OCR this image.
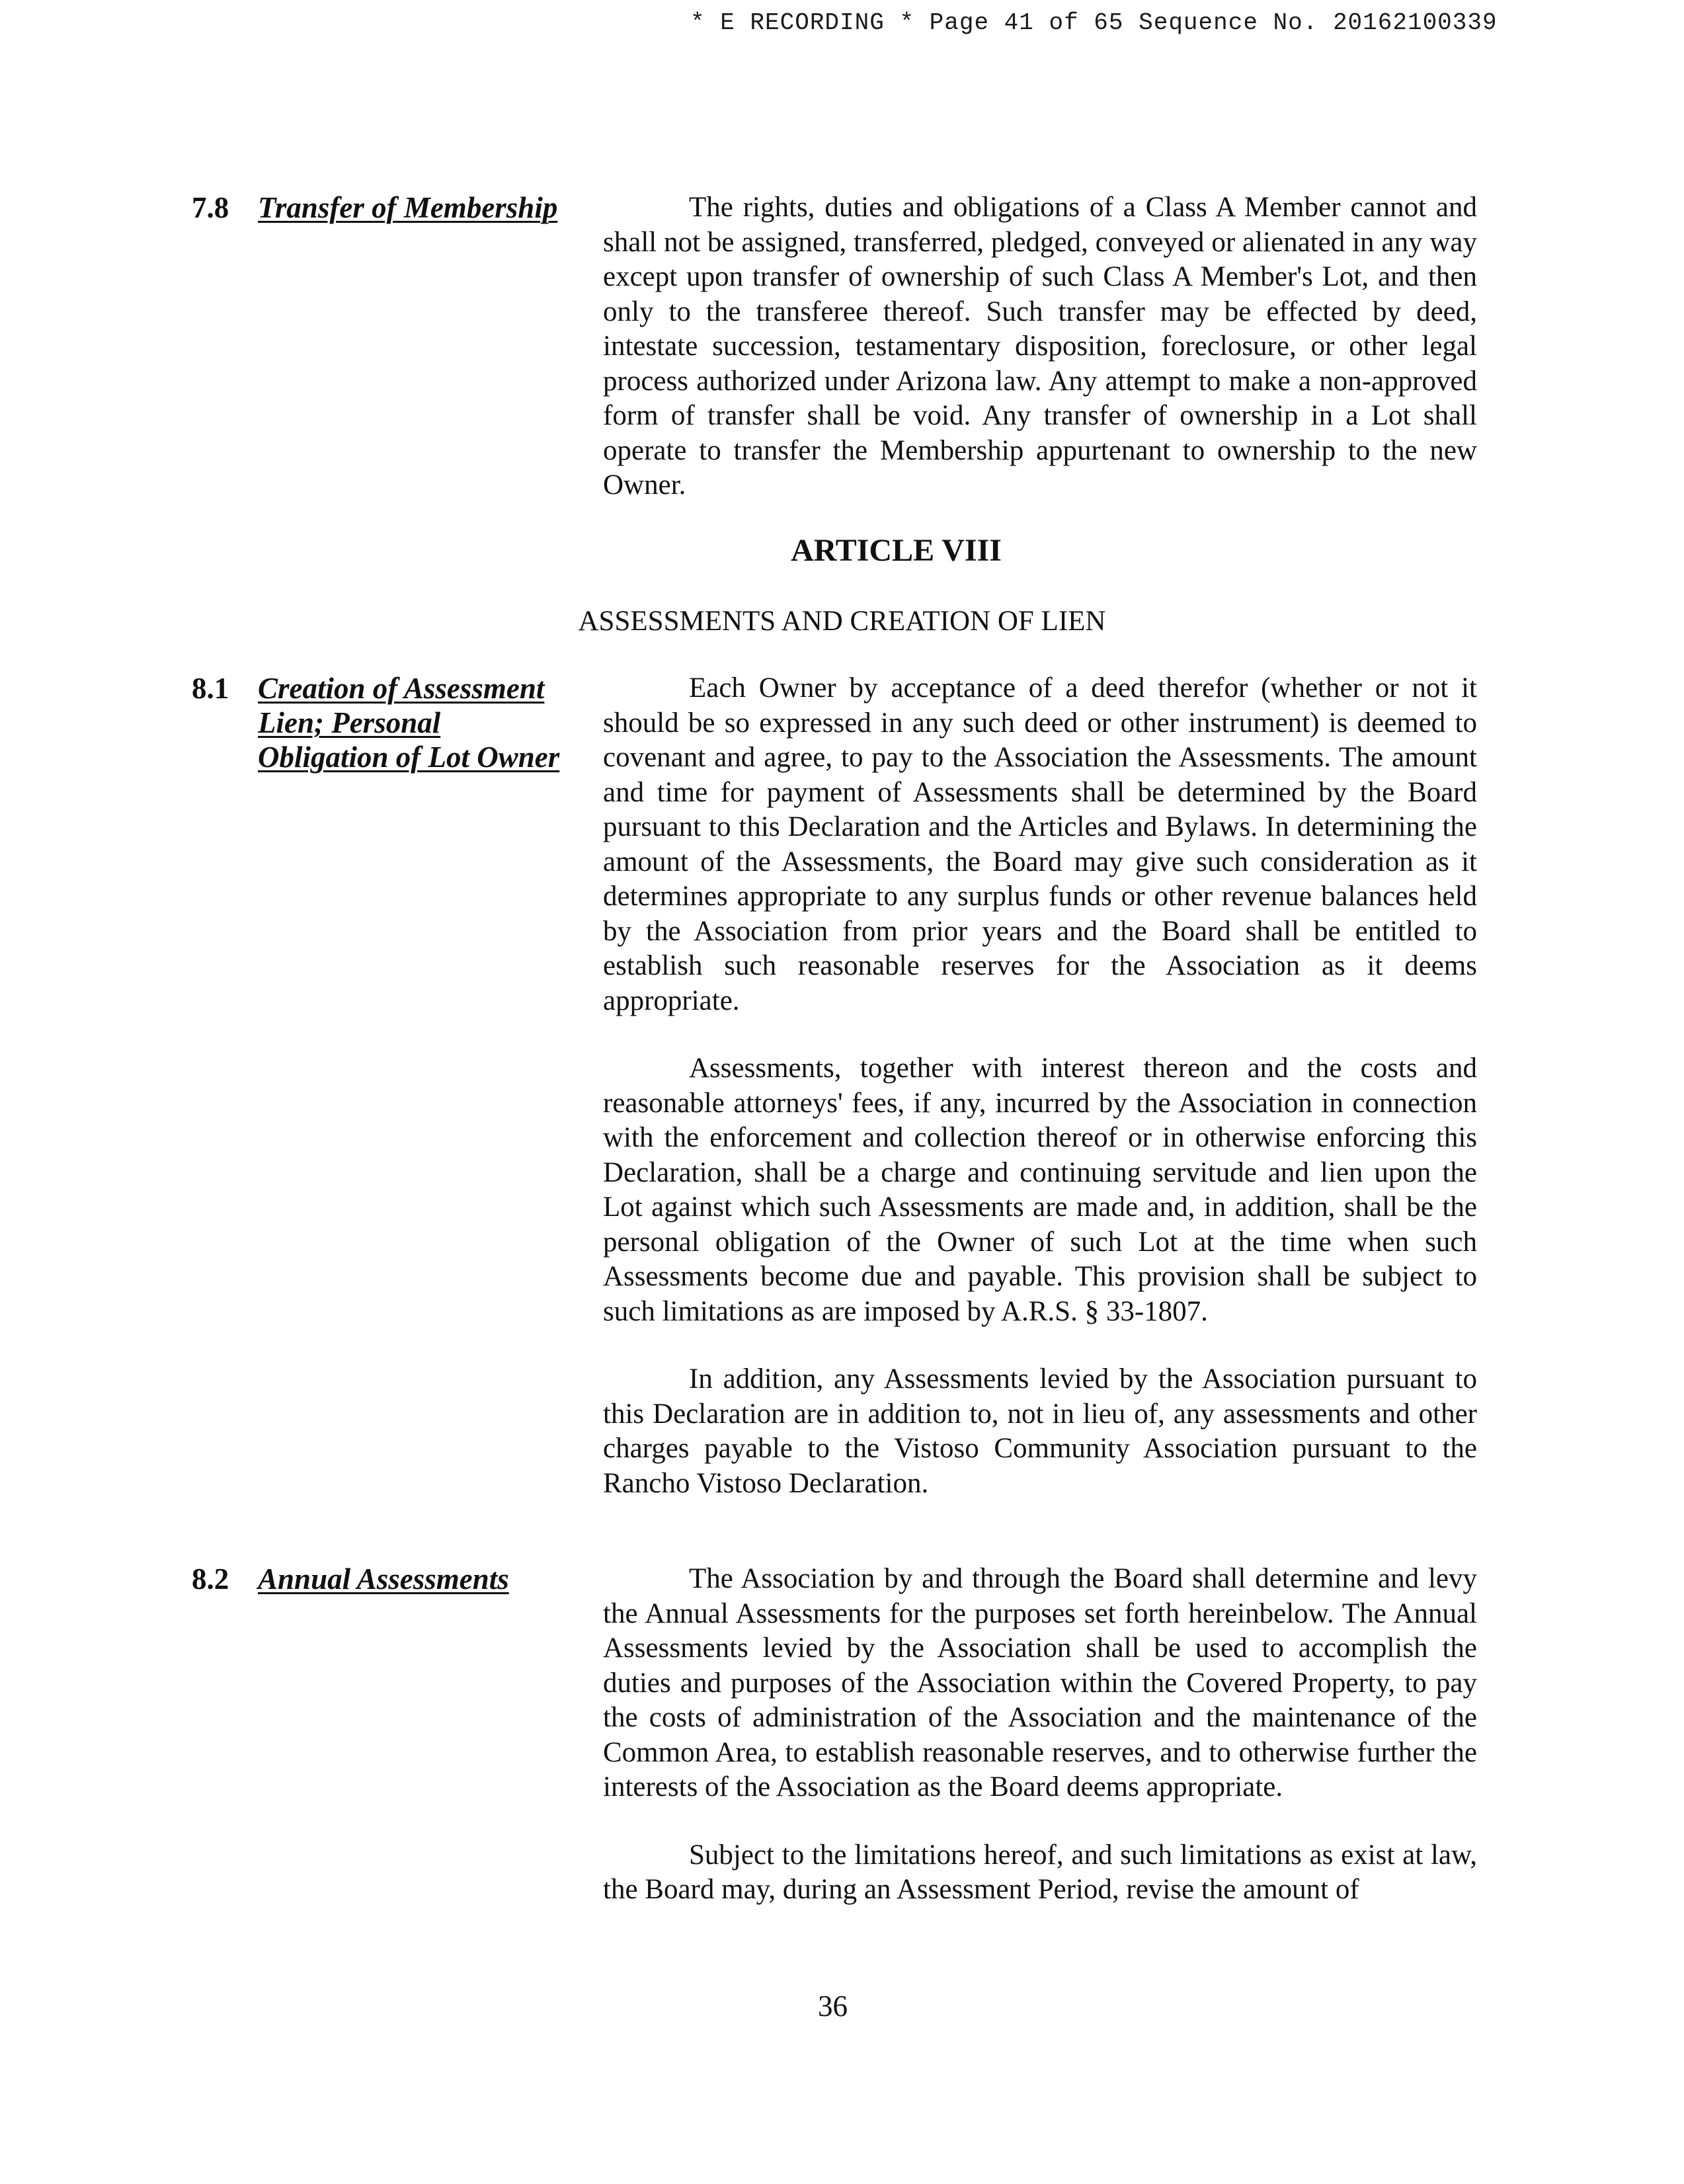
* E RECORDING * Page 41 of 65 Sequence No. 20162100339
7.8 Transfer of Membership	The rights, duties and obligations of a Class A Member cannot and shall not be assigned, transferred, pledged, conveyed or alienated in any way except upon transfer of ownership of such Class A Member's Lot, and then only to the transferee thereof. Such transfer may be effected by deed, intestate succession, testamentary disposition, foreclosure, or other legal process authorized under Arizona law. Any attempt to make a non-approved form of transfer shall be void. Any transfer of ownership in a Lot shall operate to transfer the Membership appurtenant to ownership to the new Owner.

ARTICLE VIII
ASSESSMENTS AND CREATION OF LIEN
8.1 Creation of Assessment
Lien; Personal
Obligation of Lot Owner

Each Owner by acceptance of a deed therefor (whether or not it should be so expressed in any such deed or other instrument) is deemed to covenant and agree, to pay to the Association the Assessments. The amount and time for payment of Assessments shall be determined by the Board pursuant to this Declaration and the Articles and Bylaws. In determining the amount of the Assessments, the Board may give such consideration as it determines appropriate to any surplus funds or other revenue balances held by the Association from prior years and the Board shall be entitled to establish such reasonable reserves for the Association as it deems appropriate.

Assessments, together with interest thereon and the costs and reasonable attorneys' fees, if any, incurred by the Association in connection with the enforcement and collection thereof or in otherwise enforcing this Declaration, shall be a charge and continuing servitude and lien upon the Lot against which such Assessments are made and, in addition, shall be the personal obligation of the Owner of such Lot at the time when such Assessments become due and payable. This provision shall be subject to such limitations as are imposed by A.R.S. § 33-1807.

In addition, any Assessments levied by the Association pursuant to this Declaration are in addition to, not in lieu of, any assessments and other charges payable to the Vistoso Community Association pursuant to the Rancho Vistoso Declaration.

8.2 Annual Assessments	The Association by and through the Board shall determine and levy the Annual Assessments for the purposes set forth hereinbelow. The Annual Assessments levied by the Association shall be used to accomplish the duties and purposes of the Association within the Covered Property, to pay the costs of administration of the Association and the maintenance of the Common Area, to establish reasonable reserves, and to otherwise further the interests of the Association as the Board deems appropriate.

Subject to the limitations hereof, and such limitations as exist at law, the Board may, during an Assessment Period, revise the amount of

36
